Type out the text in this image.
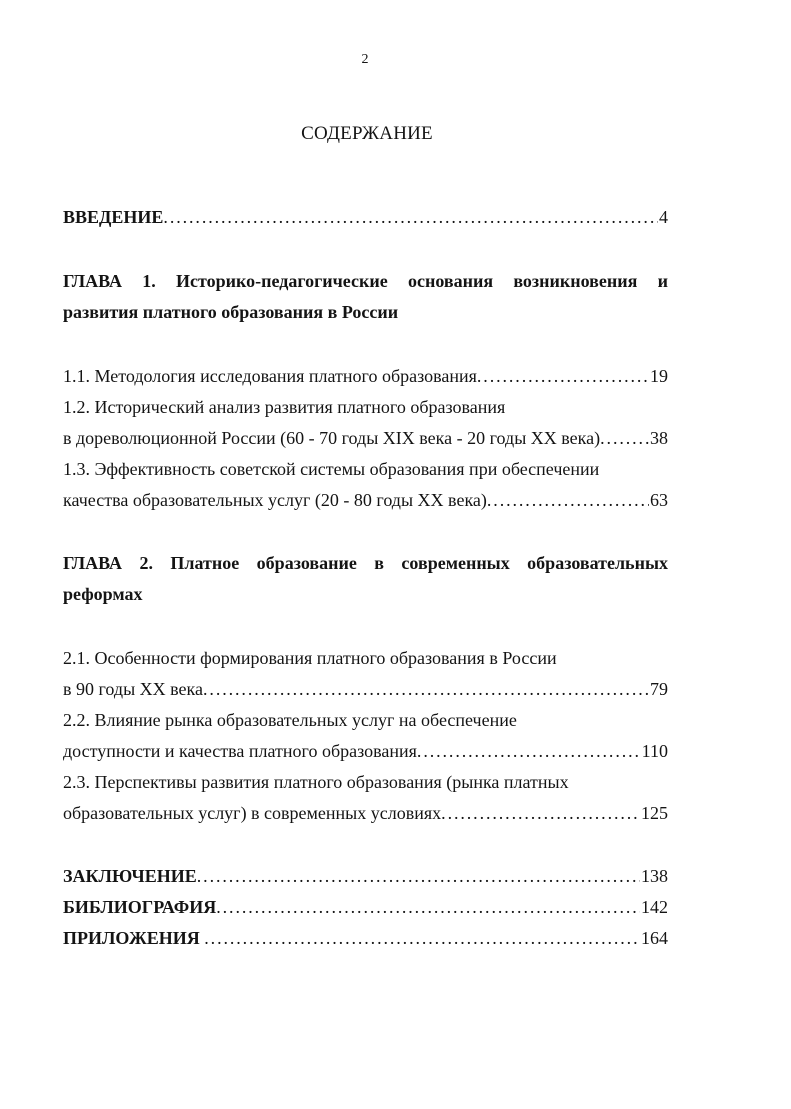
2
СОДЕРЖАНИЕ
ВВЕДЕНИЕ . . .	4
ГЛАВА 1. Историко-педагогические основания возникновения и
развития платного образования в России
1.1. Методология исследования платного образования . . .	19
1.2. Исторический анализ развития платного образования
в дореволюционной России (60 - 70 годы XIX века - 20 годы XX века) . . .	38
1.3. Эффективность советской системы образования при обеспечении
качества образовательных услуг (20 - 80 годы XX века) . . .	63
ГЛАВА 2. Платное образование в современных образовательных
реформах
2.1. Особенности формирования платного образования в России
в 90 годы XX века . . .	79
2.2. Влияние рынка образовательных услуг на обеспечение
доступности и качества платного образования . . .	110
2.3. Перспективы развития платного образования (рынка платных
образовательных услуг) в современных условиях . . .	125
ЗАКЛЮЧЕНИЕ . . .	138
БИБЛИОГРАФИЯ . . .	142
ПРИЛОЖЕНИЯ . . .	164
